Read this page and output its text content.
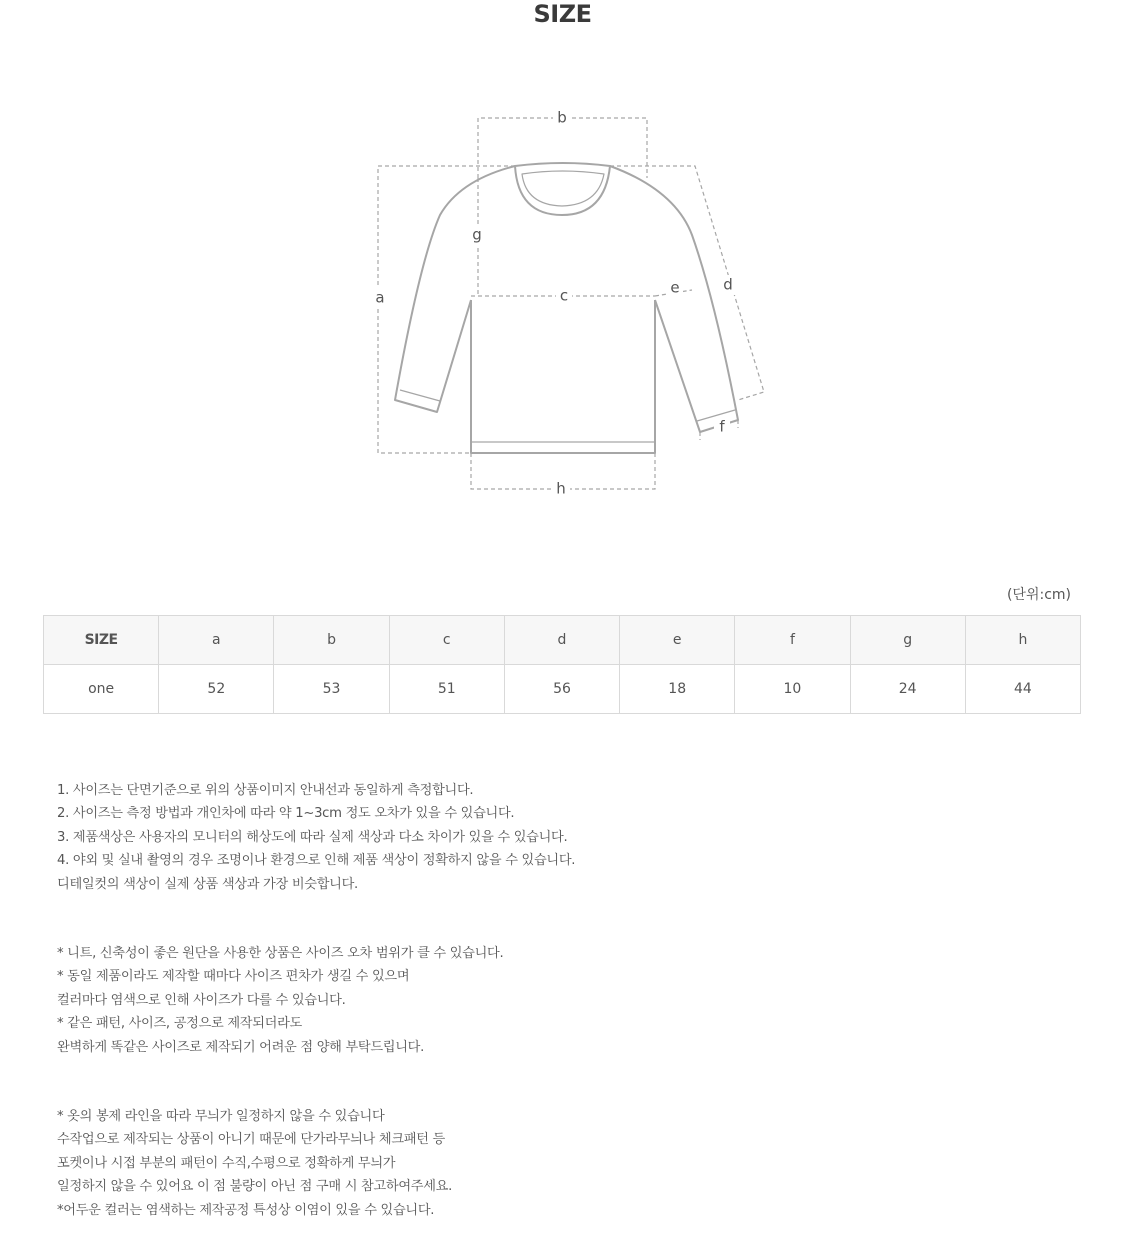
SIZE
b
a
g
c	e	d
f
h
(단위:cm)
SIZE	a	b	c	d	e	f	g	h
one	52	53	51	56	18	10	24	44
1. 사이즈는 단면기준으로 위의 상품이미지 안내선과 동일하게 측정합니다.
2. 사이즈는 측정 방법과 개인차에 따라 약 1~3cm 정도 오차가 있을 수 있습니다.
3. 제품색상은 사용자의 모니터의 해상도에 따라 실제 색상과 다소 차이가 있을 수 있습니다.
4. 야외 및 실내 촬영의 경우 조명이나 환경으로 인해 제품 색상이 정확하지 않을 수 있습니다.
디테일컷의 색상이 실제 상품 색상과 가장 비슷합니다.
* 니트, 신축성이 좋은 원단을 사용한 상품은 사이즈 오차 범위가 클 수 있습니다.
* 동일 제품이라도 제작할 때마다 사이즈 편차가 생길 수 있으며
컬러마다 염색으로 인해 사이즈가 다를 수 있습니다.
* 같은 패턴, 사이즈, 공정으로 제작되더라도
완벽하게 똑같은 사이즈로 제작되기 어려운 점 양해 부탁드립니다.
* 옷의 봉제 라인을 따라 무늬가 일정하지 않을 수 있습니다
수작업으로 제작되는 상품이 아니기 때문에 단가라무늬나 체크패턴 등
포켓이나 시접 부분의 패턴이 수직,수평으로 정확하게 무늬가
일정하지 않을 수 있어요 이 점 불량이 아닌 점 구매 시 참고하여주세요.
*어두운 컬러는 염색하는 제작공정 특성상 이염이 있을 수 있습니다.
